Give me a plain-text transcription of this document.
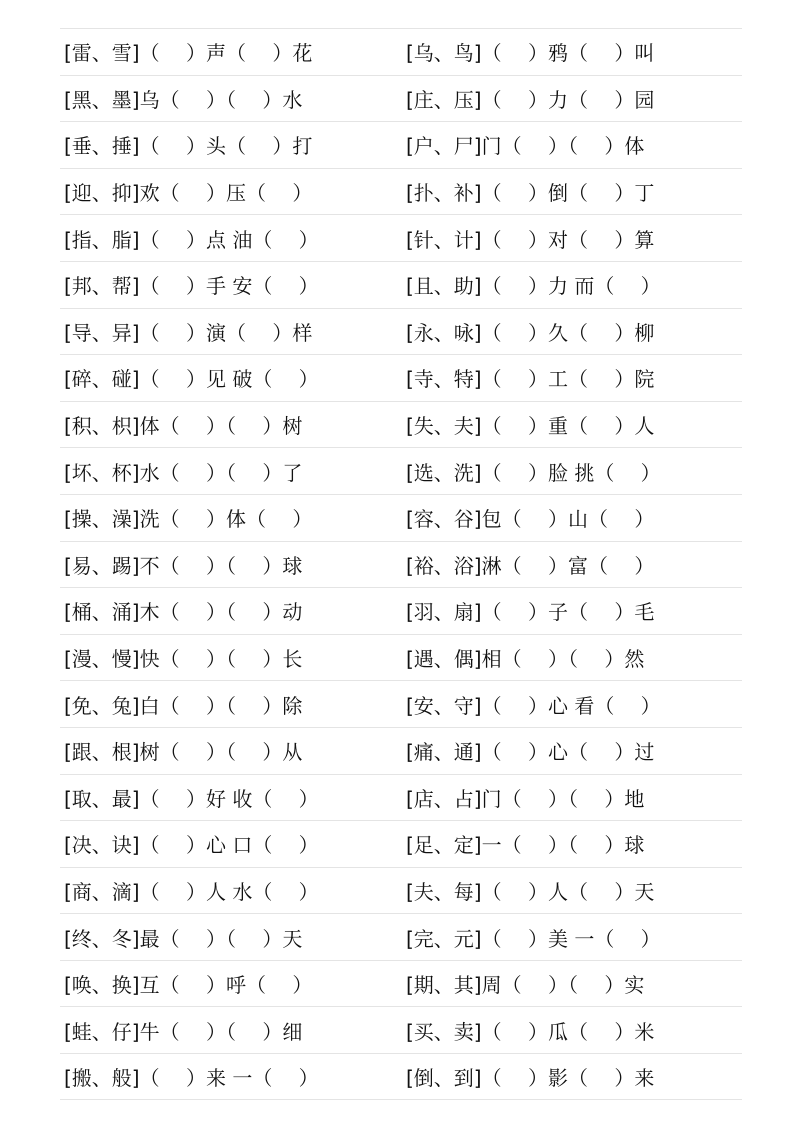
[雷、雪] （　 ）声（　 ）花	[乌、鸟] （　 ）鸦（　 ）叫
[黑、墨] 乌（　 ）（　 ）水	[庄、压] （　 ）力（　 ）园
[垂、捶] （　 ）头（　 ）打	[户、尸] 门（　 ）（　 ）体
[迎、抑] 欢（　 ）压（　 ）	[扑、补] （　 ）倒（　 ）丁
[指、脂] （　 ）点 油（　 ）	[针、计] （　 ）对（　 ）算
[邦、帮] （　 ）手 安（　 ）	[且、助] （　 ）力 而（　 ）
[导、异] （　 ）演（　 ）样	[永、咏] （　 ）久（　 ）柳
[碎、碰] （　 ）见 破（　 ）	[寺、特] （　 ）工（　 ）院
[积、枳] 体（　 ）（　 ）树	[失、夫] （　 ）重（　 ）人
[坏、杯] 水（　 ）（　 ）了	[选、洗] （　 ）脸 挑（　 ）
[操、澡] 洗（　 ）体（　 ）	[容、谷] 包（　 ）山（　 ）
[易、踢] 不（　 ）（　 ）球	[裕、浴] 淋（　 ）富（　 ）
[桶、涌] 木（　 ）（　 ）动	[羽、扇] （　 ）子（　 ）毛
[漫、慢] 快（　 ）（　 ）长	[遇、偶] 相（　 ）（　 ）然
[免、兔] 白（　 ）（　 ）除	[安、守] （　 ）心 看（　 ）
[跟、根] 树（　 ）（　 ）从	[痛、通] （　 ）心（　 ）过
[取、最] （　 ）好 收（　 ）	[店、占] 门（　 ）（　 ）地
[决、诀] （　 ）心 口（　 ）	[足、定] 一（　 ）（　 ）球
[商、滴] （　 ）人 水（　 ）	[夫、每] （　 ）人（　 ）天
[终、冬] 最（　 ）（　 ）天	[完、元] （　 ）美 一（　 ）
[唤、换] 互（　 ）呼（　 ）	[期、其] 周（　 ）（　 ）实
[蛙、仔] 牛（　 ）（　 ）细	[买、卖] （　 ）瓜（　 ）米
[搬、般] （　 ）来 一（　 ）	[倒、到] （　 ）影（　 ）来
